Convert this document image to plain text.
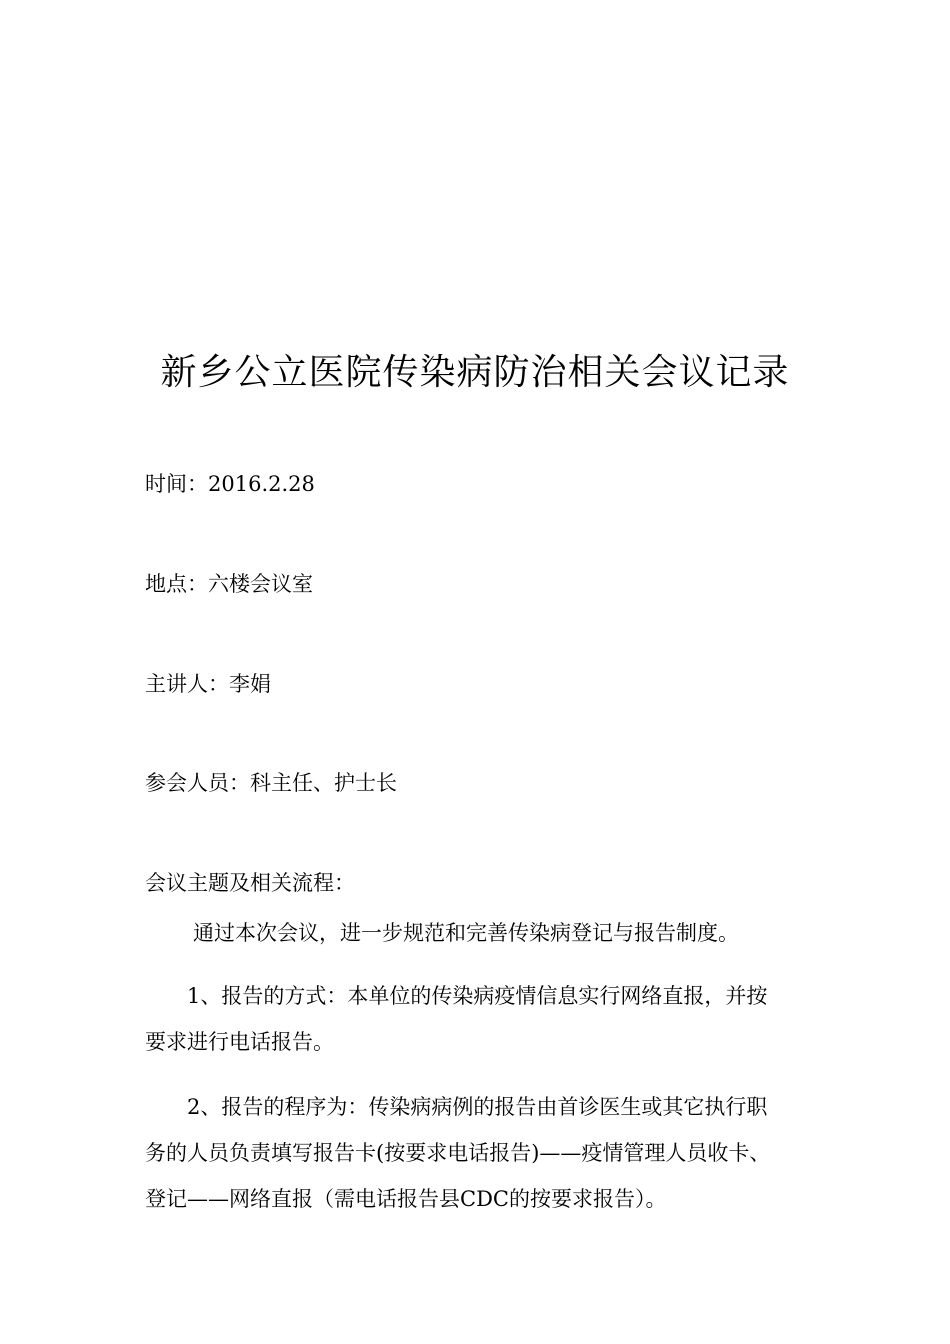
新乡公立医院传染病防治相关会议记录
时间：2016.2.28
地点：六楼会议室
主讲人：李娟
参会人员：科主任、护士长
会议主题及相关流程：
通过本次会议，进一步规范和完善传染病登记与报告制度。
1、报告的方式：本单位的传染病疫情信息实行网络直报，并按
要求进行电话报告。
2、报告的程序为：传染病病例的报告由首诊医生或其它执行职
务的人员负责填写报告卡(按要求电话报告)——疫情管理人员收卡、
登记——网络直报（需电话报告县CDC的按要求报告）。
